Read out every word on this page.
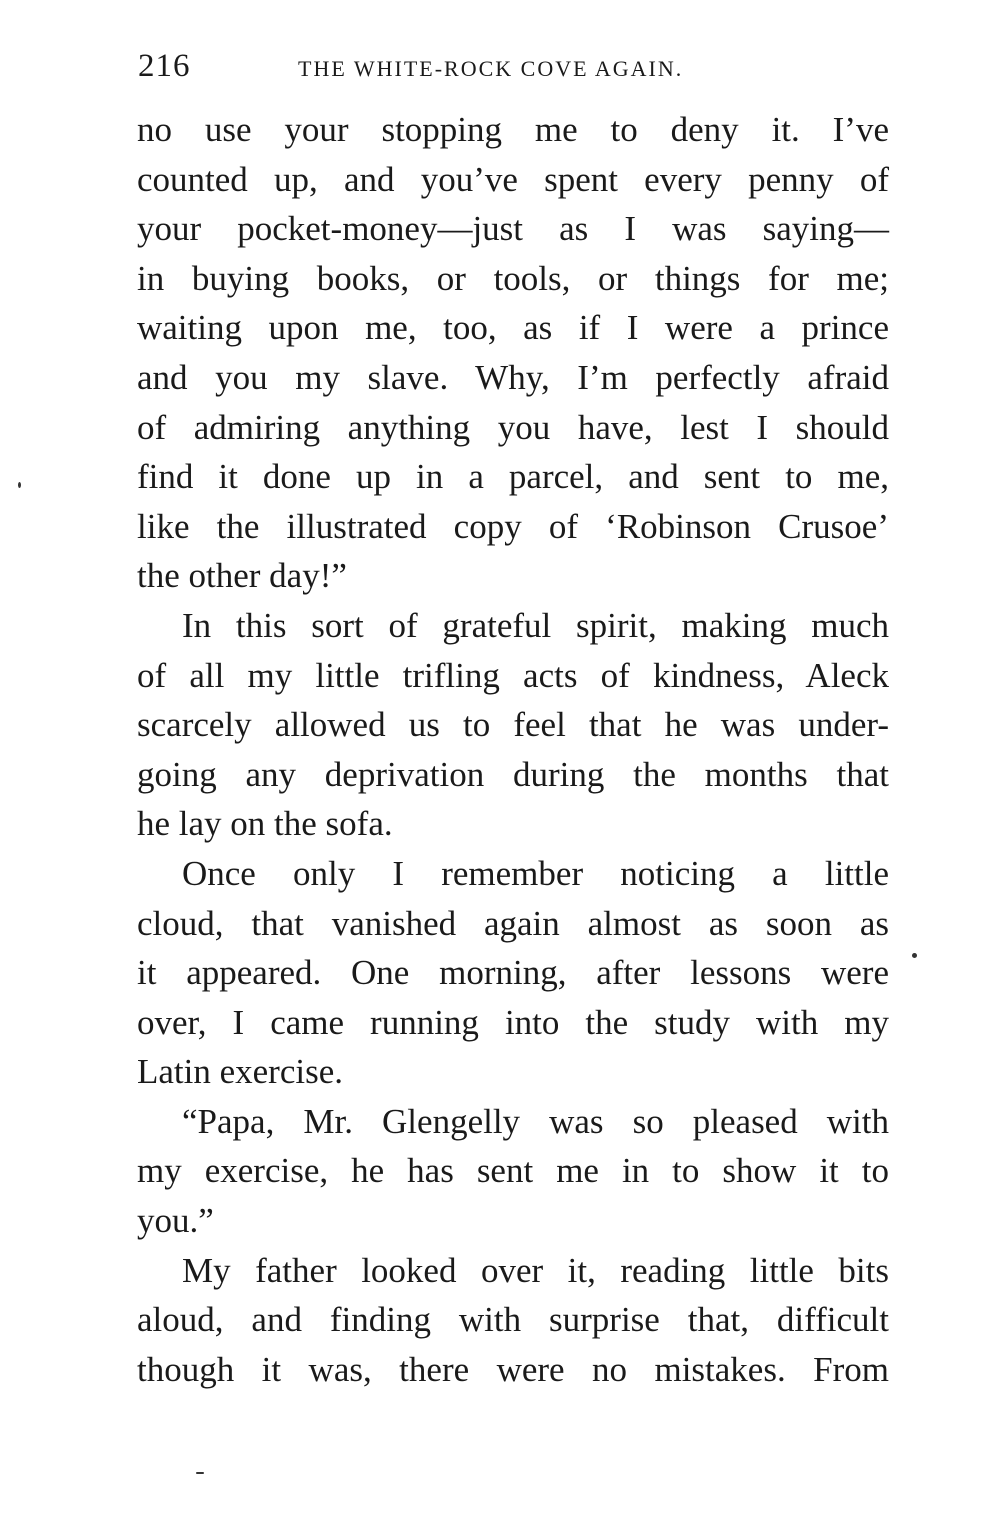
216	THE WHITE-ROCK COVE AGAIN.
no use your stopping me to deny it. I’ve
counted up, and you’ve spent every penny of
your pocket-money—just as I was saying—
in buying books, or tools, or things for me;
waiting upon me, too, as if I were a prince
and you my slave. Why, I’m perfectly afraid
of admiring anything you have, lest I should
find it done up in a parcel, and sent to me,
like the illustrated copy of ‘Robinson Crusoe’
the other day!”
In this sort of grateful spirit, making much
of all my little trifling acts of kindness, Aleck
scarcely allowed us to feel that he was under-
going any deprivation during the months that
he lay on the sofa.
Once only I remember noticing a little
cloud, that vanished again almost as soon as
it appeared. One morning, after lessons were
over, I came running into the study with my
Latin exercise.
“Papa, Mr. Glengelly was so pleased with
my exercise, he has sent me in to show it to
you.”
My father looked over it, reading little bits
aloud, and finding with surprise that, difficult
though it was, there were no mistakes. From
